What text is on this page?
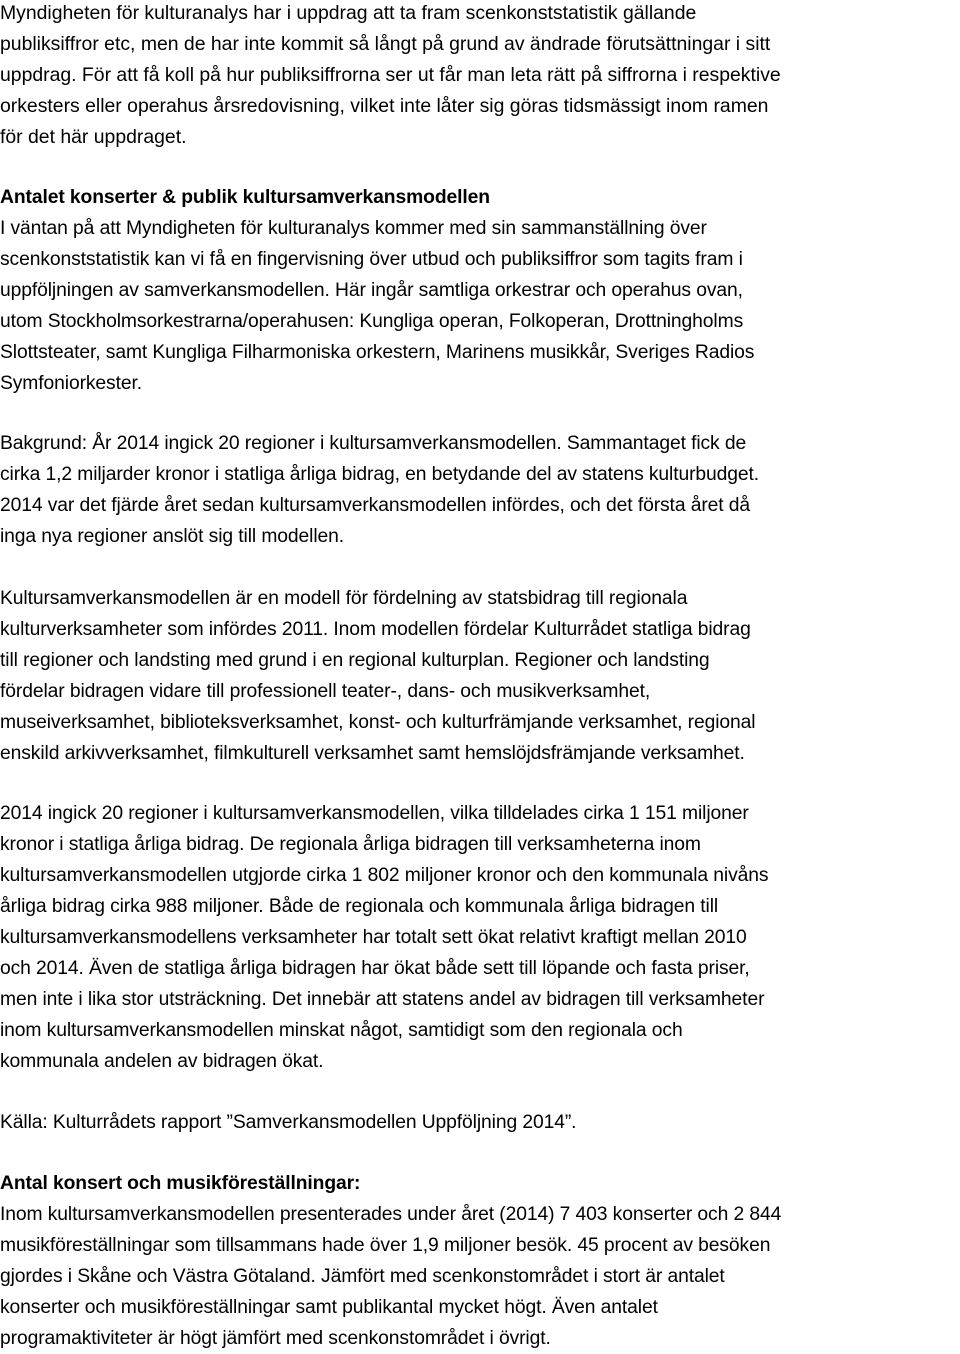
Myndigheten för kulturanalys har i uppdrag att ta fram scenkonststatistik gällande
publiksiffror etc, men de har inte kommit så långt på grund av ändrade förutsättningar i sitt
uppdrag. För att få koll på hur publiksiffrorna ser ut får man leta rätt på siffrorna i respektive
orkesters eller operahus årsredovisning, vilket inte låter sig göras tidsmässigt inom ramen
för det här uppdraget.
Antalet konserter & publik kultursamverkansmodellen
I väntan på att Myndigheten för kulturanalys kommer med sin sammanställning över
scenkonststatistik kan vi få en fingervisning över utbud och publiksiffror som tagits fram i
uppföljningen av samverkansmodellen. Här ingår samtliga orkestrar och operahus ovan,
utom Stockholmsorkestrarna/operahusen: Kungliga operan, Folkoperan, Drottningholms
Slottsteater, samt Kungliga Filharmoniska orkestern, Marinens musikkår, Sveriges Radios
Symfoniorkester.
Bakgrund: År 2014 ingick 20 regioner i kultursamverkansmodellen. Sammantaget fick de
cirka 1,2 miljarder kronor i statliga årliga bidrag, en betydande del av statens kulturbudget.
2014 var det fjärde året sedan kultursamverkansmodellen infördes, och det första året då
inga nya regioner anslöt sig till modellen.
Kultursamverkansmodellen är en modell för fördelning av statsbidrag till regionala
kulturverksamheter som infördes 2011. Inom modellen fördelar Kulturrådet statliga bidrag
till regioner och landsting med grund i en regional kulturplan. Regioner och landsting
fördelar bidragen vidare till professionell teater-, dans- och musikverksamhet,
museiverksamhet, biblioteksverksamhet, konst- och kulturfrämjande verksamhet, regional
enskild arkivverksamhet, filmkulturell verksamhet samt hemslöjdsfrämjande verksamhet.
2014 ingick 20 regioner i kultursamverkansmodellen, vilka tilldelades cirka 1 151 miljoner
kronor i statliga årliga bidrag. De regionala årliga bidragen till verksamheterna inom
kultursamverkansmodellen utgjorde cirka 1 802 miljoner kronor och den kommunala nivåns
årliga bidrag cirka 988 miljoner. Både de regionala och kommunala årliga bidragen till
kultursamverkansmodellens verksamheter har totalt sett ökat relativt kraftigt mellan 2010
och 2014. Även de statliga årliga bidragen har ökat både sett till löpande och fasta priser,
men inte i lika stor utsträckning. Det innebär att statens andel av bidragen till verksamheter
inom kultursamverkansmodellen minskat något, samtidigt som den regionala och
kommunala andelen av bidragen ökat.
Källa: Kulturrådets rapport ”Samverkansmodellen Uppföljning 2014”.
Antal konsert och musikföreställningar:
Inom kultursamverkansmodellen presenterades under året (2014) 7 403 konserter och 2 844
musikföreställningar som tillsammans hade över 1,9 miljoner besök. 45 procent av besöken
gjordes i Skåne och Västra Götaland. Jämfört med scenkonstområdet i stort är antalet
konserter och musikföreställningar samt publikantal mycket högt. Även antalet
programaktiviteter är högt jämfört med scenkonstområdet i övrigt.
